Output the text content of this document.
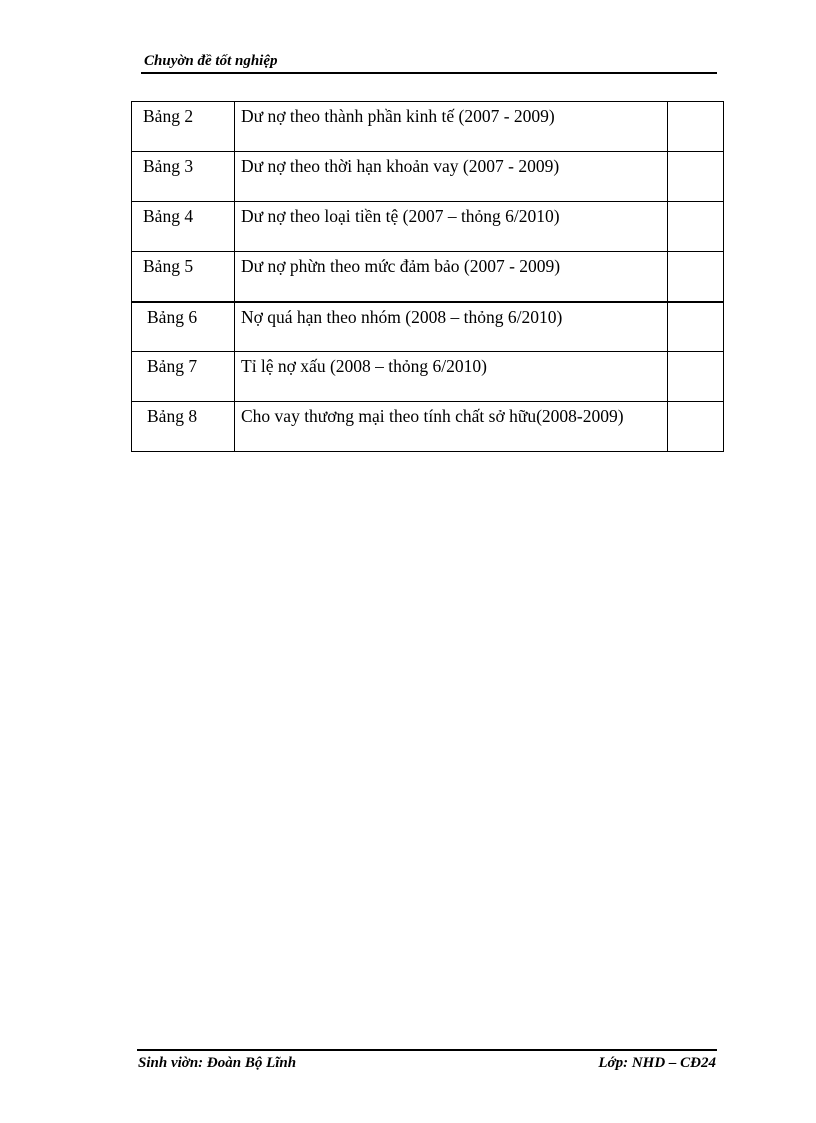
Chuyờn đề tốt nghiệp
Bảng 2	Dư nợ theo thành phần kinh tế (2007 - 2009)	
Bảng 3	Dư nợ theo thời hạn khoản vay (2007 - 2009)	
Bảng 4	Dư nợ theo loại tiền tệ (2007 – thỏng 6/2010)	
Bảng 5	Dư nợ phừn theo mức đảm bảo (2007 - 2009)	
Bảng 6	Nợ quá hạn theo nhóm (2008 – thỏng 6/2010)	
Bảng 7	Tỉ lệ nợ xấu (2008 – thỏng 6/2010)	
Bảng 8	Cho vay thương mại theo tính chất sở hữu(2008-2009)	
Sinh viờn: Đoàn Bộ Lĩnh	Lớp: NHD – CĐ24
